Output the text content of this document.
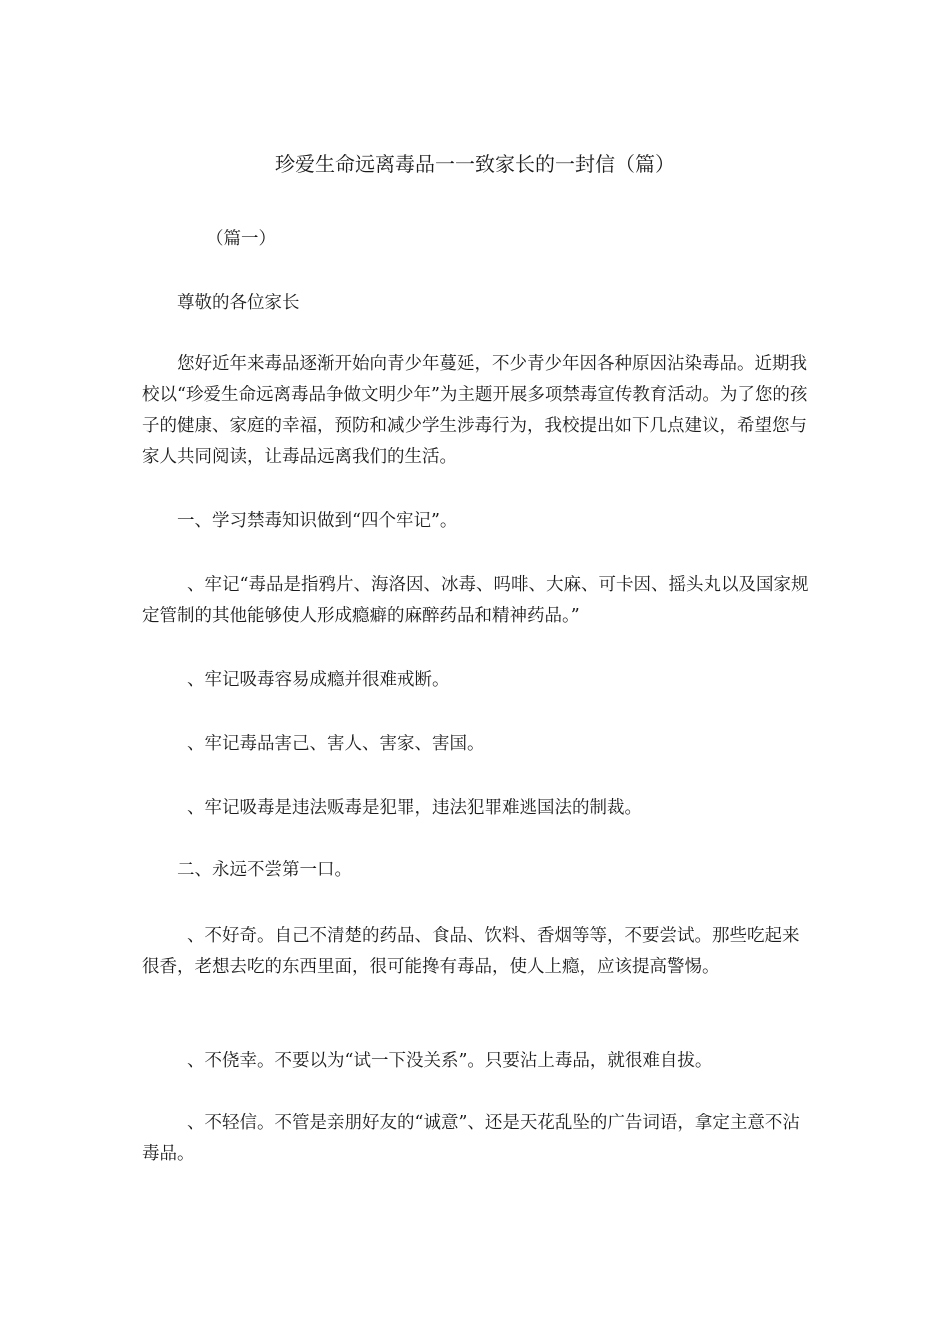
珍爱生命远离毒品一一致家长的一封信（篇）

（篇一）

尊敬的各位家长

您好近年来毒品逐渐开始向青少年蔓延，不少青少年因各种原因沾染毒品。近期我校以“珍爱生命远离毒品争做文明少年”为主题开展多项禁毒宣传教育活动。为了您的孩子的健康、家庭的幸福，预防和减少学生涉毒行为，我校提出如下几点建议，希望您与家人共同阅读，让毒品远离我们的生活。

一、学习禁毒知识做到“四个牢记”。

、牢记“毒品是指鸦片、海洛因、冰毒、吗啡、大麻、可卡因、摇头丸以及国家规定管制的其他能够使人形成瘾癖的麻醉药品和精神药品。”

、牢记吸毒容易成瘾并很难戒断。

、牢记毒品害己、害人、害家、害国。

、牢记吸毒是违法贩毒是犯罪，违法犯罪难逃国法的制裁。

二、永远不尝第一口。

、不好奇。自己不清楚的药品、食品、饮料、香烟等等，不要尝试。那些吃起来很香，老想去吃的东西里面，很可能搀有毒品，使人上瘾，应该提高警惕。

、不侥幸。不要以为“试一下没关系”。只要沾上毒品，就很难自拔。

、不轻信。不管是亲朋好友的“诚意”、还是天花乱坠的广告词语，拿定主意不沾毒品。
